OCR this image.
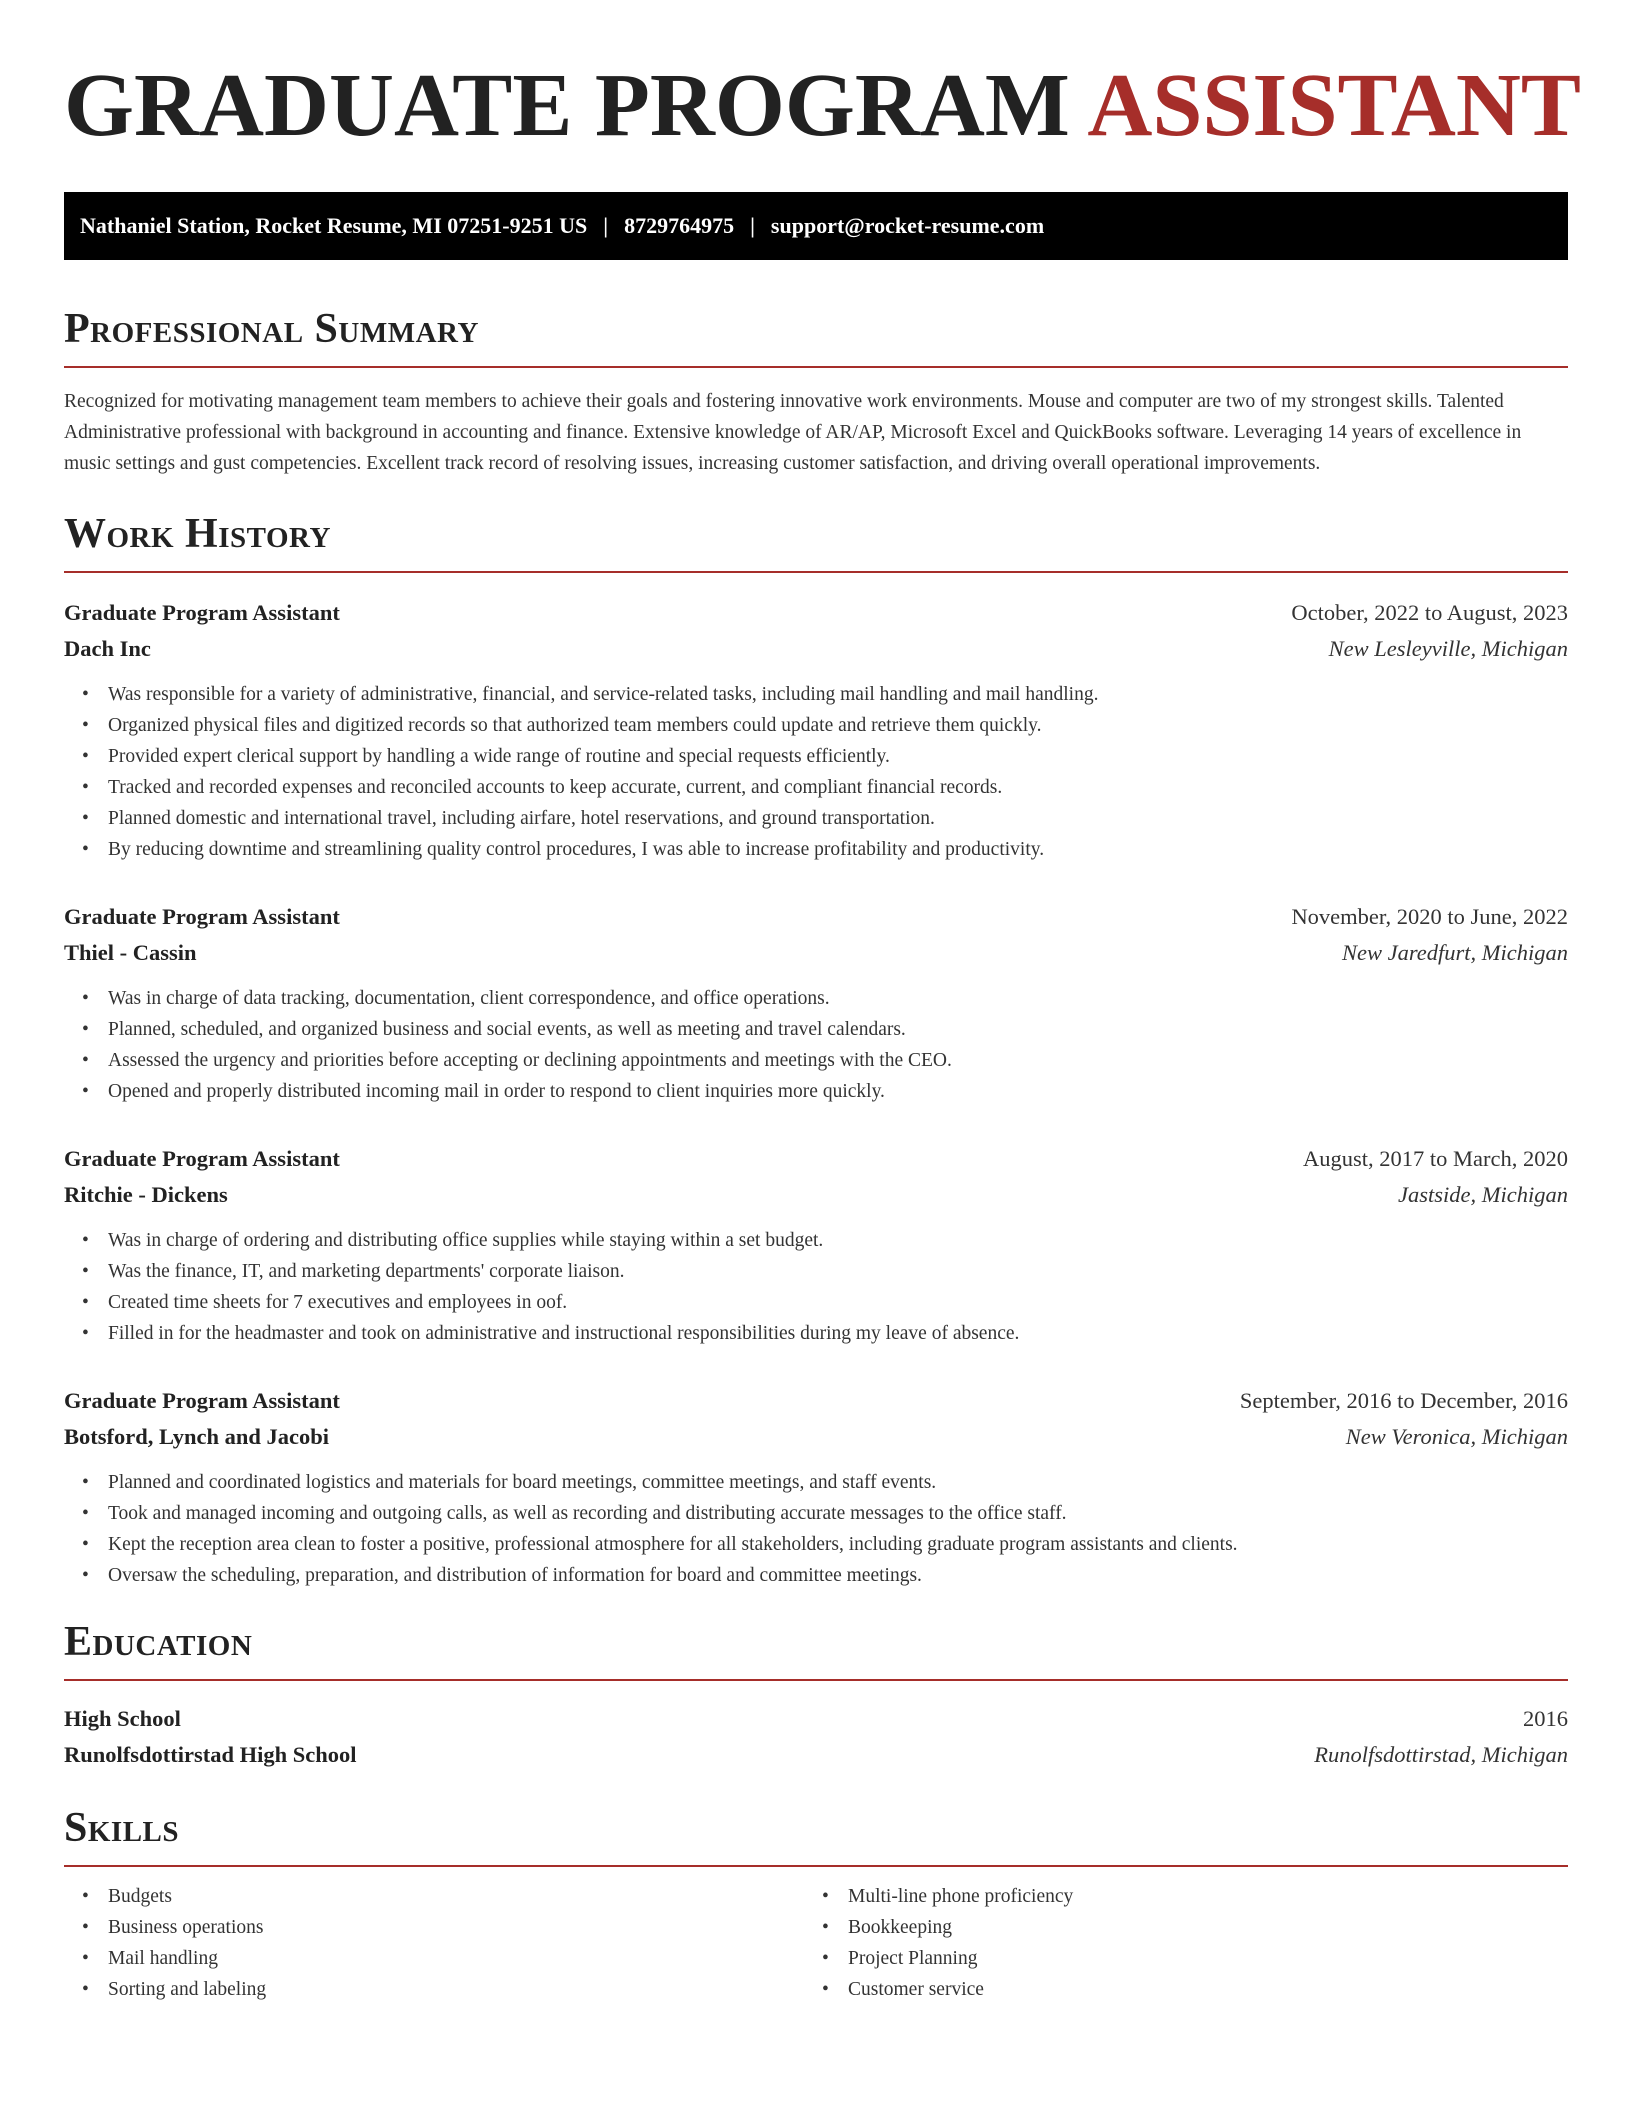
GRADUATE PROGRAM ASSISTANT
Nathaniel Station, Rocket Resume, MI 07251-9251 US | 8729764975 | support@rocket-resume.com
Professional Summary

Recognized for motivating management team members to achieve their goals and fostering innovative work environments. Mouse and computer are two of my strongest skills. Talented Administrative professional with background in accounting and finance. Extensive knowledge of AR/AP, Microsoft Excel and QuickBooks software. Leveraging 14 years of excellence in music settings and gust competencies. Excellent track record of resolving issues, increasing customer satisfaction, and driving overall operational improvements.

Work History
Graduate Program Assistant	October, 2022 to August, 2023
Dach Inc	New Lesleyville, Michigan
• Was responsible for a variety of administrative, financial, and service-related tasks, including mail handling and mail handling.
• Organized physical files and digitized records so that authorized team members could update and retrieve them quickly.
• Provided expert clerical support by handling a wide range of routine and special requests efficiently.
• Tracked and recorded expenses and reconciled accounts to keep accurate, current, and compliant financial records.
• Planned domestic and international travel, including airfare, hotel reservations, and ground transportation.
• By reducing downtime and streamlining quality control procedures, I was able to increase profitability and productivity.
Graduate Program Assistant	November, 2020 to June, 2022
Thiel - Cassin	New Jaredfurt, Michigan
• Was in charge of data tracking, documentation, client correspondence, and office operations.
• Planned, scheduled, and organized business and social events, as well as meeting and travel calendars.
• Assessed the urgency and priorities before accepting or declining appointments and meetings with the CEO.
• Opened and properly distributed incoming mail in order to respond to client inquiries more quickly.
Graduate Program Assistant	August, 2017 to March, 2020
Ritchie - Dickens	Jastside, Michigan
• Was in charge of ordering and distributing office supplies while staying within a set budget.
• Was the finance, IT, and marketing departments' corporate liaison.
• Created time sheets for 7 executives and employees in oof.
• Filled in for the headmaster and took on administrative and instructional responsibilities during my leave of absence.
Graduate Program Assistant	September, 2016 to December, 2016
Botsford, Lynch and Jacobi	New Veronica, Michigan
• Planned and coordinated logistics and materials for board meetings, committee meetings, and staff events.
• Took and managed incoming and outgoing calls, as well as recording and distributing accurate messages to the office staff.
• Kept the reception area clean to foster a positive, professional atmosphere for all stakeholders, including graduate program assistants and clients.
• Oversaw the scheduling, preparation, and distribution of information for board and committee meetings.
Education
High School	2016
Runolfsdottirstad High School	Runolfsdottirstad, Michigan
Skills
• Budgets
• Business operations
• Mail handling
• Sorting and labeling
• Multi-line phone proficiency
• Bookkeeping
• Project Planning
• Customer service
